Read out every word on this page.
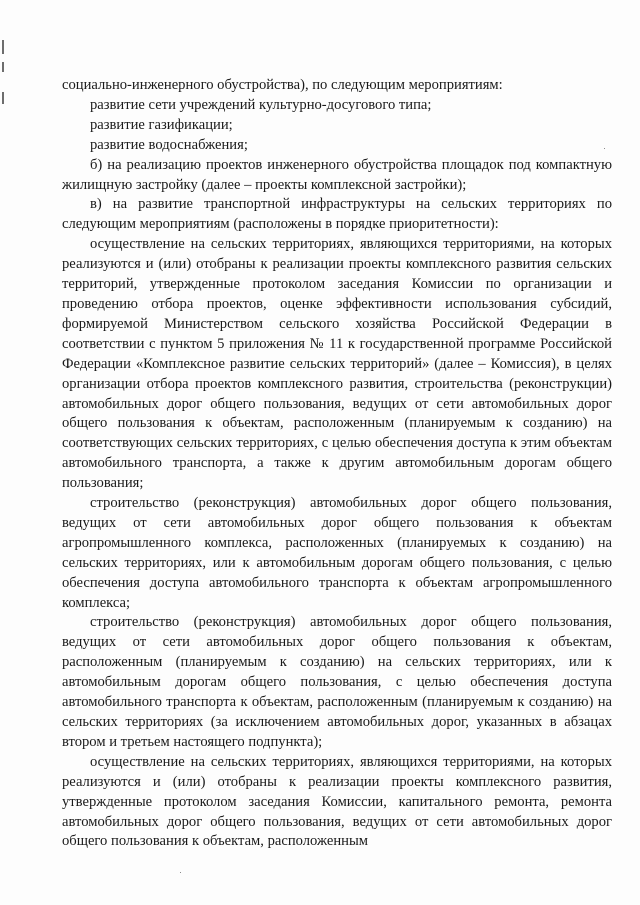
социально-инженерного обустройства), по следующим мероприятиям:

развитие сети учреждений культурно-досугового типа;

развитие газификации;

развитие водоснабжения;

б) на реализацию проектов инженерного обустройства площадок под компактную жилищную застройку (далее – проекты комплексной застройки);

в) на развитие транспортной инфраструктуры на сельских территориях по следующим мероприятиям (расположены в порядке приоритетности):

осуществление на сельских территориях, являющихся территориями, на которых реализуются и (или) отобраны к реализации проекты комплексного развития сельских территорий, утвержденные протоколом заседания Комиссии по организации и проведению отбора проектов, оценке эффективности использования субсидий, формируемой Министерством сельского хозяйства Российской Федерации в соответствии с пунктом 5 приложения № 11 к государственной программе Российской Федерации «Комплексное развитие сельских территорий» (далее – Комиссия), в целях организации отбора проектов комплексного развития, строительства (реконструкции) автомобильных дорог общего пользования, ведущих от сети автомобильных дорог общего пользования к объектам, расположенным (планируемым к созданию) на соответствующих сельских территориях, с целью обеспечения доступа к этим объектам автомобильного транспорта, а также к другим автомобильным дорогам общего пользования;

строительство (реконструкция) автомобильных дорог общего пользования, ведущих от сети автомобильных дорог общего пользования к объектам агропромышленного комплекса, расположенных (планируемых к созданию) на сельских территориях, или к автомобильным дорогам общего пользования, с целью обеспечения доступа автомобильного транспорта к объектам агропромышленного комплекса;

строительство (реконструкция) автомобильных дорог общего пользования, ведущих от сети автомобильных дорог общего пользования к объектам, расположенным (планируемым к созданию) на сельских территориях, или к автомобильным дорогам общего пользования, с целью обеспечения доступа автомобильного транспорта к объектам, расположенным (планируемым к созданию) на сельских территориях (за исключением автомобильных дорог, указанных в абзацах втором и третьем настоящего подпункта);

осуществление на сельских территориях, являющихся территориями, на которых реализуются и (или) отобраны к реализации проекты комплексного развития, утвержденные протоколом заседания Комиссии, капитального ремонта, ремонта автомобильных дорог общего пользования, ведущих от сети автомобильных дорог общего пользования к объектам, расположенным
